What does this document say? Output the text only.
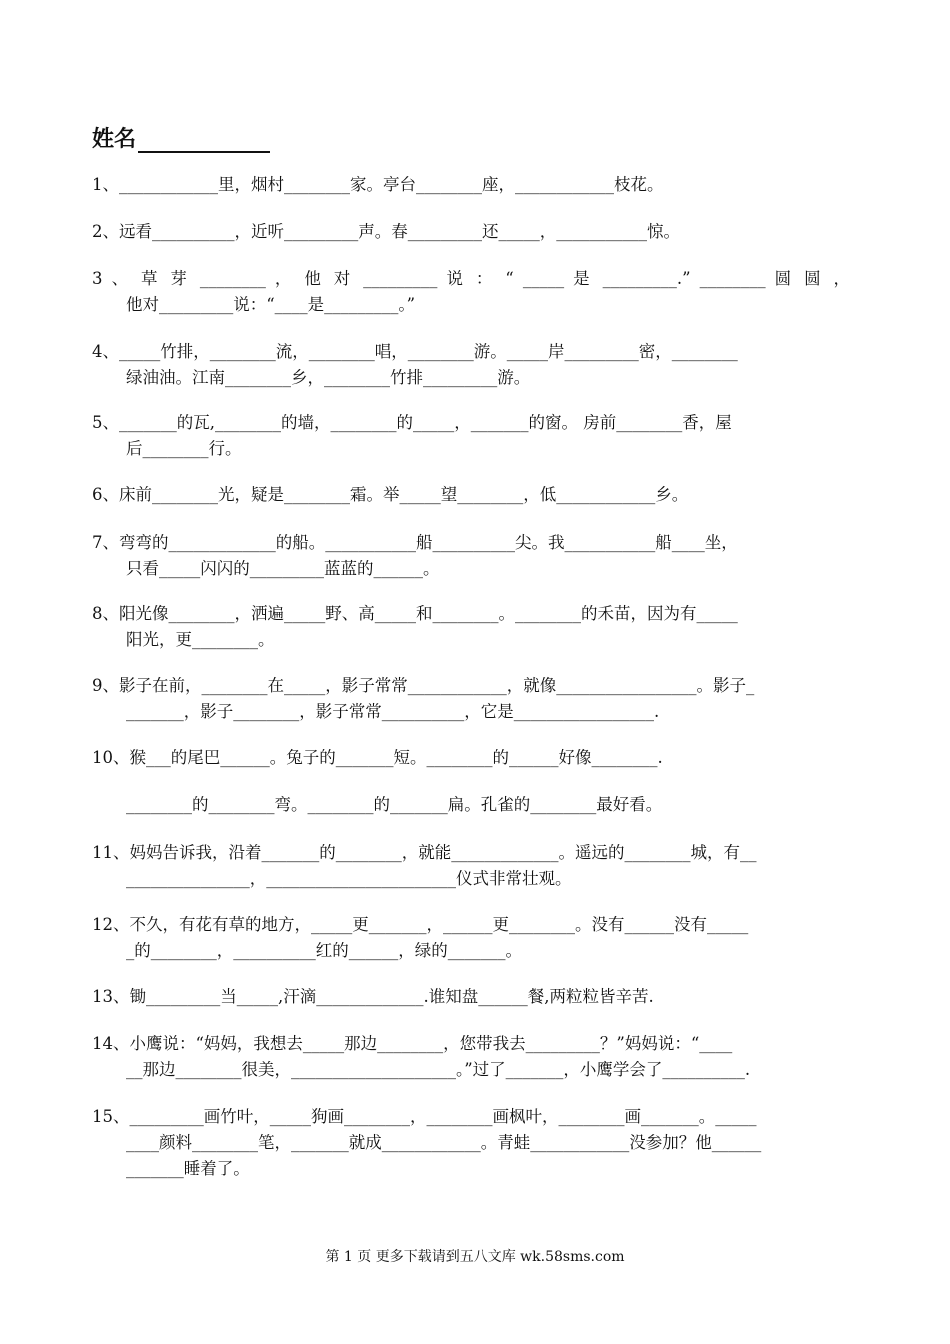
姓名
1、____________里，烟村________家。亭台________座，____________枝花。
2、远看__________，近听_________声。春_________还_____，___________惊。
3 、 草 芽 ________ ， 他 对 _________ 说 ： “ _____ 是 _________.” ________ 圆 圆 ，
他对_________说：“____是_________。”
4、_____竹排，________流，________唱，________游。_____岸_________密，________
绿油油。江南________乡，________竹排_________游。
5、_______的瓦,________的墙，________的_____，_______的窗。 房前________香，屋
后________行。
6、床前________光，疑是________霜。举_____望________，低____________乡。
7、弯弯的_____________的船。___________船__________尖。我___________船____坐，
只看_____闪闪的_________蓝蓝的______。
8、阳光像________，洒遍_____野、高_____和________。________的禾苗，因为有_____
阳光，更________。
9、影子在前，________在_____，影子常常____________，就像_________________。影子_
_______，影子________，影子常常__________，它是_________________.
10、猴___的尾巴______。兔子的_______短。________的______好像________.
________的________弯。________的_______扁。孔雀的________最好看。
11、妈妈告诉我，沿着_______的________，就能_____________。遥远的________城，有__
_______________，_______________________仪式非常壮观。
12、不久，有花有草的地方，_____更_______，______更________。没有______没有_____
_的________，__________红的______，绿的_______。
13、锄_________当_____,汗滴_____________.谁知盘______餐,两粒粒皆辛苦.
14、小鹰说：“妈妈，我想去_____那边________，您带我去_________？”妈妈说：“____
__那边________很美，____________________。”过了_______，小鹰学会了__________.
15、_________画竹叶，_____狗画________，________画枫叶，________画_______。_____
____颜料________笔，_______就成____________。青蛙____________没参加？他______
_______睡着了。
第 1 页 更多下载请到五八文库 wk.58sms.com
